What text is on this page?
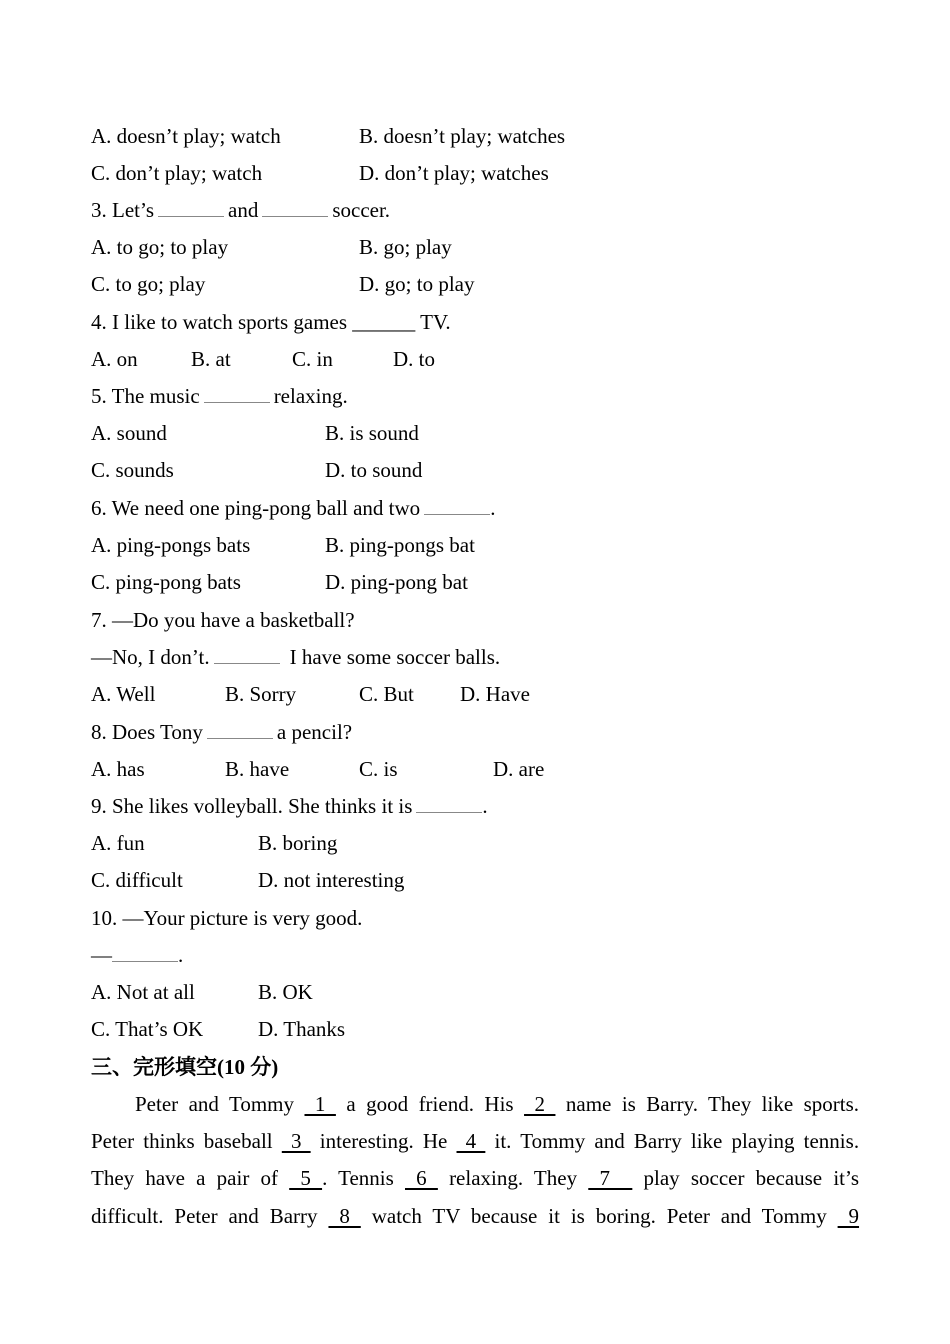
A. doesn’t play; watch	B. doesn’t play; watches
C. don’t play; watch	D. don’t play; watches
3. Let’s	and	soccer.
A. to go; to play	B. go; play
C. to go; play	D. go; to play
4. I like to watch sports games ______ TV.
A. on	B. at	C. in	D. to
5. The music	relaxing.
A. sound	B. is sound
C. sounds	D. to sound
6. We need one ping-pong ball and two	.
A. ping-pongs bats	B. ping-pongs bat
C. ping-pong bats	D. ping-pong bat
7. —Do you have a basketball?
—No, I don’t.	I have some soccer balls.
A. Well	B. Sorry	C. But D. Have
8. Does Tony	a pencil?
A. has	B. have	C. is	D. are
9. She likes volleyball. She thinks it is	.
A. fun	B. boring
C. difficult	D. not interesting
10. —Your picture is very good.
—	.
A. Not at all	B. OK
C. That’s OK	D. Thanks
三、完形填空(10 分)
Peter and Tommy  1  a good friend. His  2  name is Barry. They like sports.
Peter thinks baseball  3  interesting. He  4  it. Tommy and Barry like playing tennis.
They have a pair of  5 . Tennis  6  relaxing. They  7   play soccer because it’s
difficult. Peter and Barry  8  watch TV because it is boring. Peter and Tommy  9
